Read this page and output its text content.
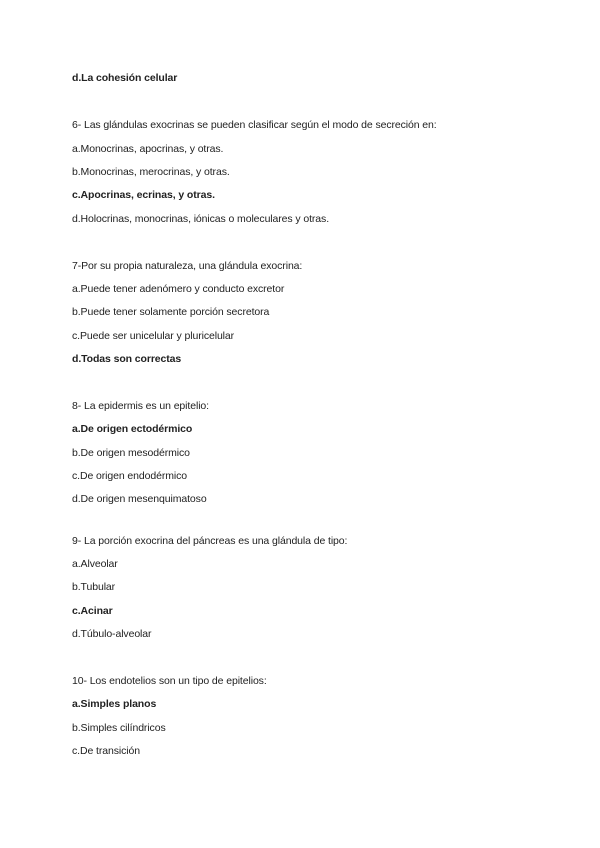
d.La cohesión celular
6- Las glándulas exocrinas se pueden clasificar según el modo de secreción en:
a.Monocrinas, apocrinas, y otras.
b.Monocrinas, merocrinas, y otras.
c.Apocrinas, ecrinas, y otras.
d.Holocrinas, monocrinas, iónicas o moleculares y otras.
7-Por su propia naturaleza, una glándula exocrina:
a.Puede tener adenómero y conducto excretor
b.Puede tener solamente porción secretora
c.Puede ser unicelular y pluricelular
d.Todas son correctas
8- La epidermis es un epitelio:
a.De origen ectodérmico
b.De origen mesodérmico
c.De origen endodérmico
d.De origen mesenquimatoso
9- La porción exocrina del páncreas es una glándula de tipo:
a.Alveolar
b.Tubular
c.Acinar
d.Túbulo-alveolar
10- Los endotelios son un tipo de epitelios:
a.Simples planos
b.Simples cilíndricos
c.De transición
